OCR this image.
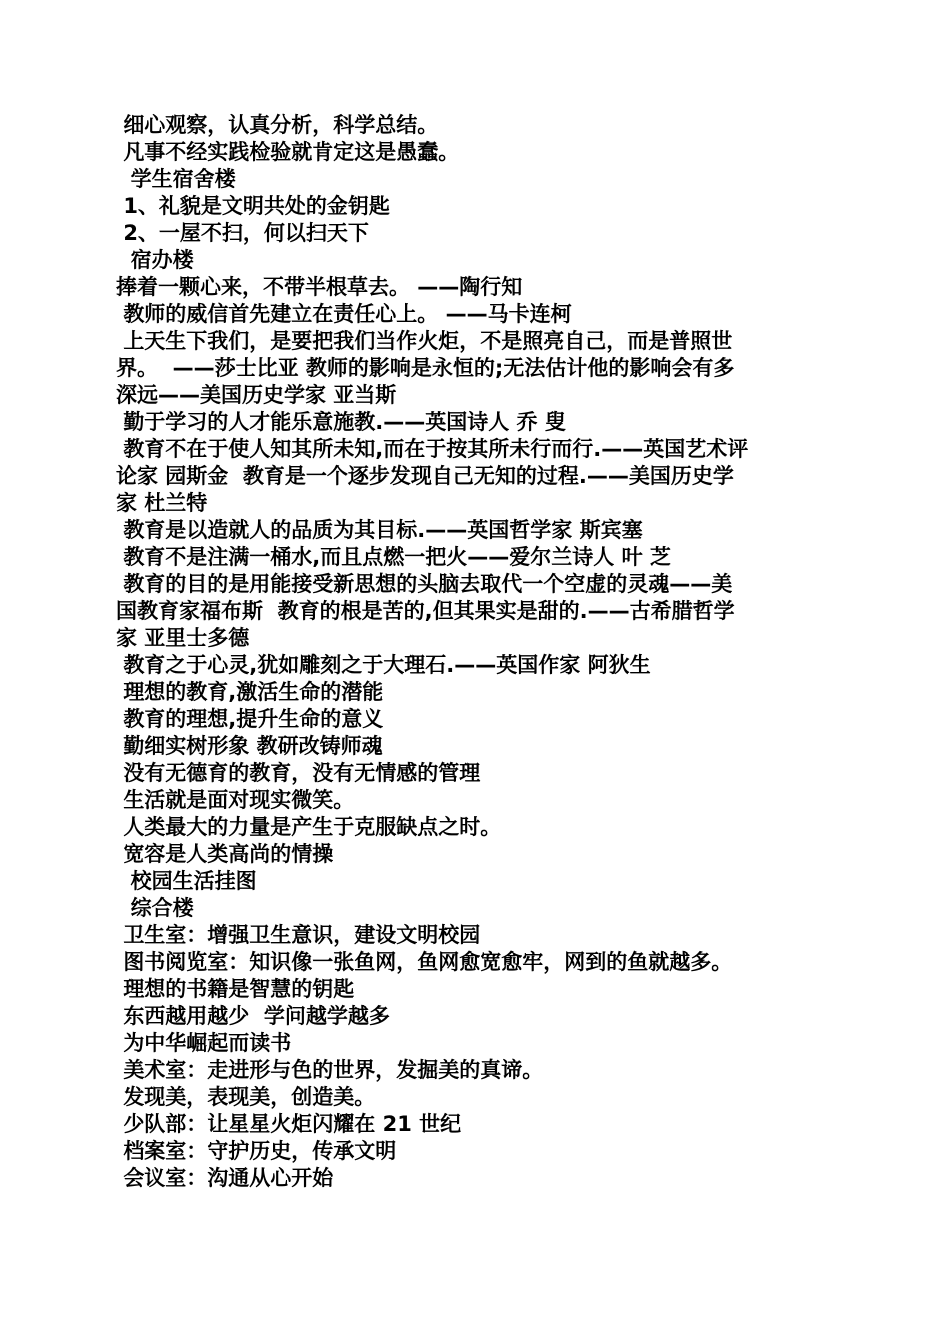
细心观察，认真分析，科学总结。
凡事不经实践检验就肯定这是愚蠢。
学生宿舍楼
1、礼貌是文明共处的金钥匙
2、一屋不扫，何以扫天下
宿办楼
捧着一颗心来，不带半根草去。 ——陶行知
教师的威信首先建立在责任心上。 ——马卡连柯
上天生下我们，是要把我们当作火炬，不是照亮自己，而是普照世
界。  ——莎士比亚 教师的影响是永恒的;无法估计他的影响会有多
深远——美国历史学家 亚当斯
勤于学习的人才能乐意施教.——英国诗人 乔 叟
教育不在于使人知其所未知,而在于按其所未行而行.——英国艺术评
论家 园斯金  教育是一个逐步发现自己无知的过程.——美国历史学
家 杜兰特
教育是以造就人的品质为其目标.——英国哲学家 斯宾塞
教育不是注满一桶水,而且点燃一把火——爱尔兰诗人 叶 芝
教育的目的是用能接受新思想的头脑去取代一个空虚的灵魂——美
国教育家福布斯  教育的根是苦的,但其果实是甜的.——古希腊哲学
家 亚里士多德
教育之于心灵,犹如雕刻之于大理石.——英国作家 阿狄生
理想的教育,激活生命的潜能
教育的理想,提升生命的意义
勤细实树形象 教研改铸师魂
没有无德育的教育，没有无情感的管理
生活就是面对现实微笑。
人类最大的力量是产生于克服缺点之时。
宽容是人类高尚的情操
校园生活挂图
综合楼
卫生室：增强卫生意识，建设文明校园
图书阅览室：知识像一张鱼网，鱼网愈宽愈牢，网到的鱼就越多。
理想的书籍是智慧的钥匙
东西越用越少  学问越学越多
为中华崛起而读书
美术室：走进形与色的世界，发掘美的真谛。
发现美，表现美，创造美。
少队部：让星星火炬闪耀在 21 世纪
档案室：守护历史，传承文明
会议室：沟通从心开始
